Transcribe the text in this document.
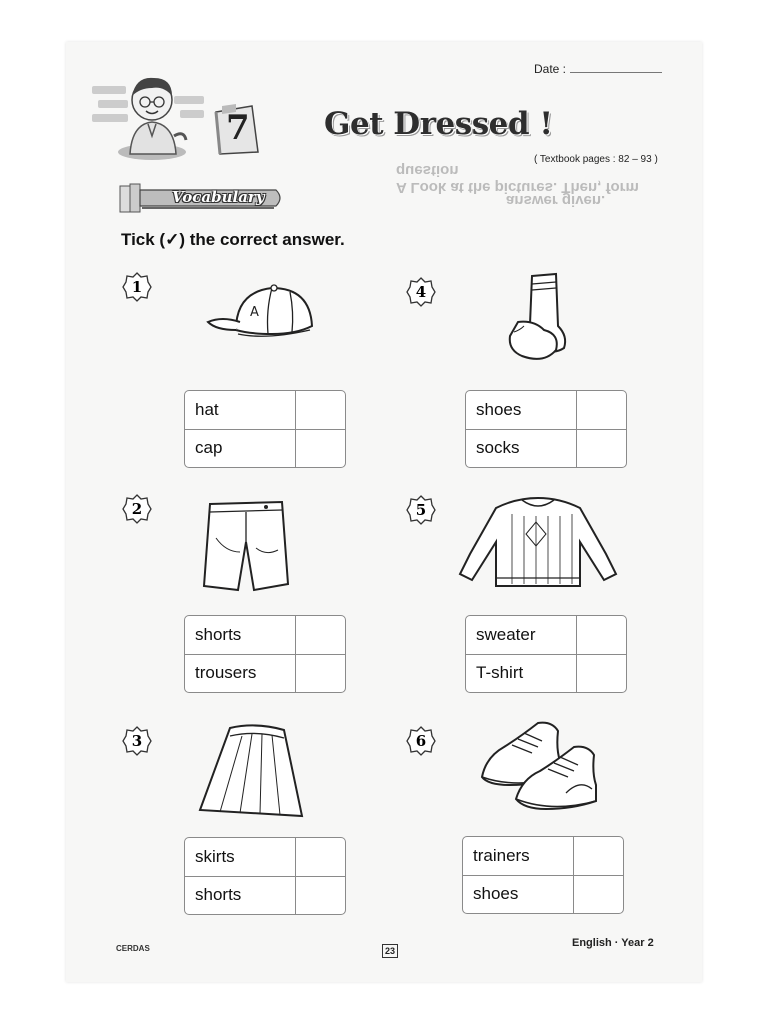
A Look at the pictures. Then, form question
answer given.
Date :
7 Get Dressed !
( Textbook pages : 82 – 93 )
Vocabulary
Tick (✓) the correct answer.
1
A
hat
cap
2
shorts
trousers
3
skirts
shorts
4
shoes
socks
5
sweater
T-shirt
6
trainers
shoes
CERDAS	23
English · Year 2
